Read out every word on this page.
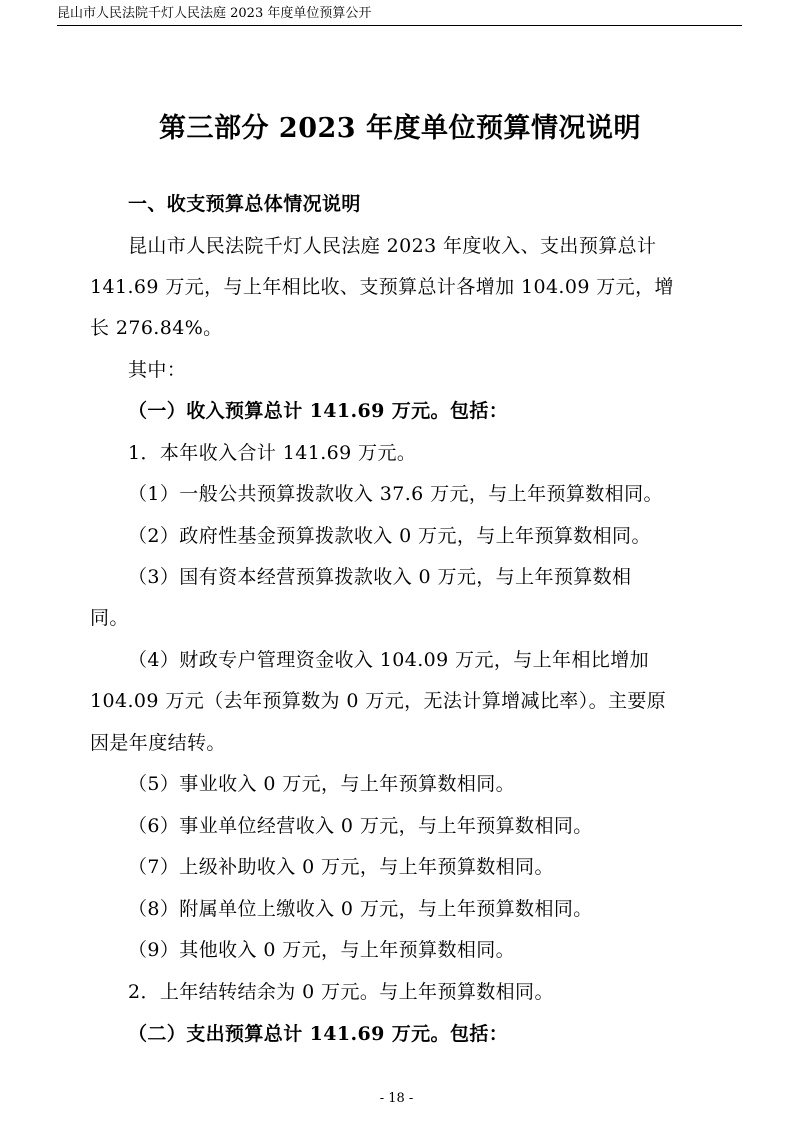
昆山市人民法院千灯人民法庭 2023 年度单位预算公开
第三部分 2023 年度单位预算情况说明
一、收支预算总体情况说明
昆山市人民法院千灯人民法庭 2023 年度收入、支出预算总计
141.69 万元，与上年相比收、支预算总计各增加 104.09 万元，增
长 276.84%。
其中：
（一）收入预算总计 141.69 万元。包括：
1．本年收入合计 141.69 万元。
（1）一般公共预算拨款收入 37.6 万元，与上年预算数相同。
（2）政府性基金预算拨款收入 0 万元，与上年预算数相同。
（3）国有资本经营预算拨款收入 0 万元，与上年预算数相
同。
（4）财政专户管理资金收入 104.09 万元，与上年相比增加
104.09 万元（去年预算数为 0 万元，无法计算增减比率）。主要原
因是年度结转。
（5）事业收入 0 万元，与上年预算数相同。
（6）事业单位经营收入 0 万元，与上年预算数相同。
（7）上级补助收入 0 万元，与上年预算数相同。
（8）附属单位上缴收入 0 万元，与上年预算数相同。
（9）其他收入 0 万元，与上年预算数相同。
2．上年结转结余为 0 万元。与上年预算数相同。
（二）支出预算总计 141.69 万元。包括：
- 18 -
